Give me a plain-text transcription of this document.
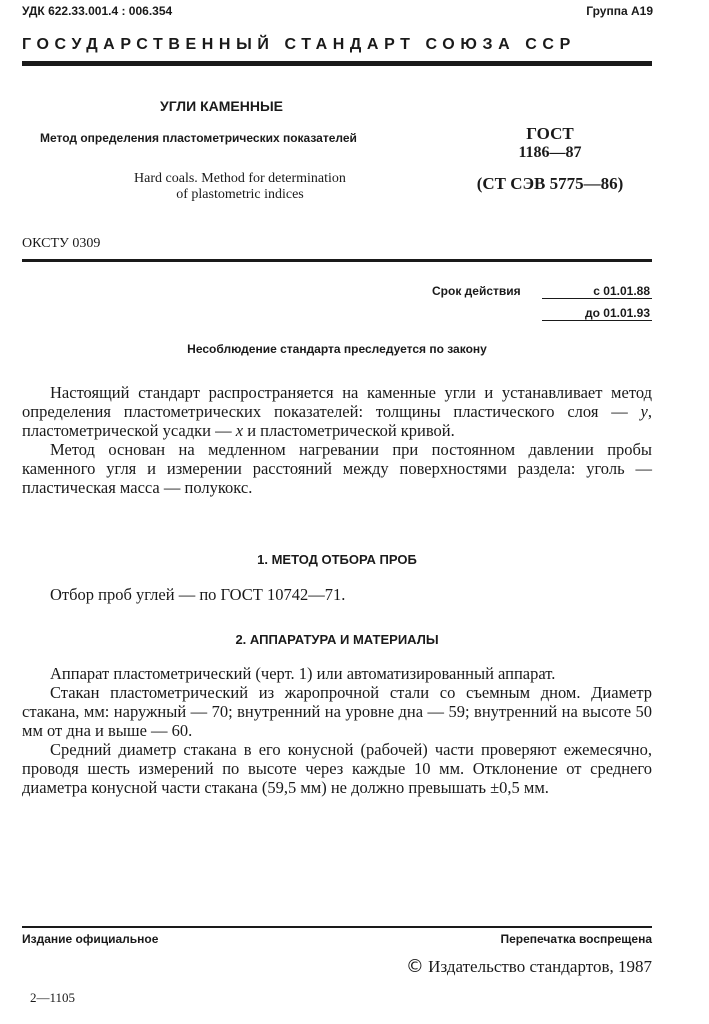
УДК 622.33.001.4 : 006.354	Группа А19
ГОСУДАРСТВЕННЫЙ СТАНДАРТ СОЮЗА ССР
УГЛИ КАМЕННЫЕ
Метод определения пластометрических показателей
Hard coals. Method for determination
of plastometric indices
ГОСТ
1186—87
(СТ СЭВ 5775—86)
ОКСТУ 0309
Срок действия	с 01.01.88
до 01.01.93
Несоблюдение стандарта преследуется по закону

Настоящий стандарт распространяется на каменные угли и устанавливает метод определения пластометрических показателей: толщины пластического слоя — y, пластометрической усадки — x и пластометрической кривой.

Метод основан на медленном нагревании при постоянном давлении пробы каменного угля и измерении расстояний между поверхностями раздела: уголь — пластическая масса — полукокс.

1. МЕТОД ОТБОРА ПРОБ

Отбор проб углей — по ГОСТ 10742—71.

2. АППАРАТУРА И МАТЕРИАЛЫ

Аппарат пластометрический (черт. 1) или автоматизированный аппарат.

Стакан пластометрический из жаропрочной стали со съемным дном. Диаметр стакана, мм: наружный — 70; внутренний на уровне дна — 59; внутренний на высоте 50 мм от дна и выше — 60.

Средний диаметр стакана в его конусной (рабочей) части проверяют ежемесячно, проводя шесть измерений по высоте через каждые 10 мм. Отклонение от среднего диаметра конусной части стакана (59,5 мм) не должно превышать ±0,5 мм.

Издание официальное	Перепечатка воспрещена
© Издательство стандартов, 1987
2—1105
